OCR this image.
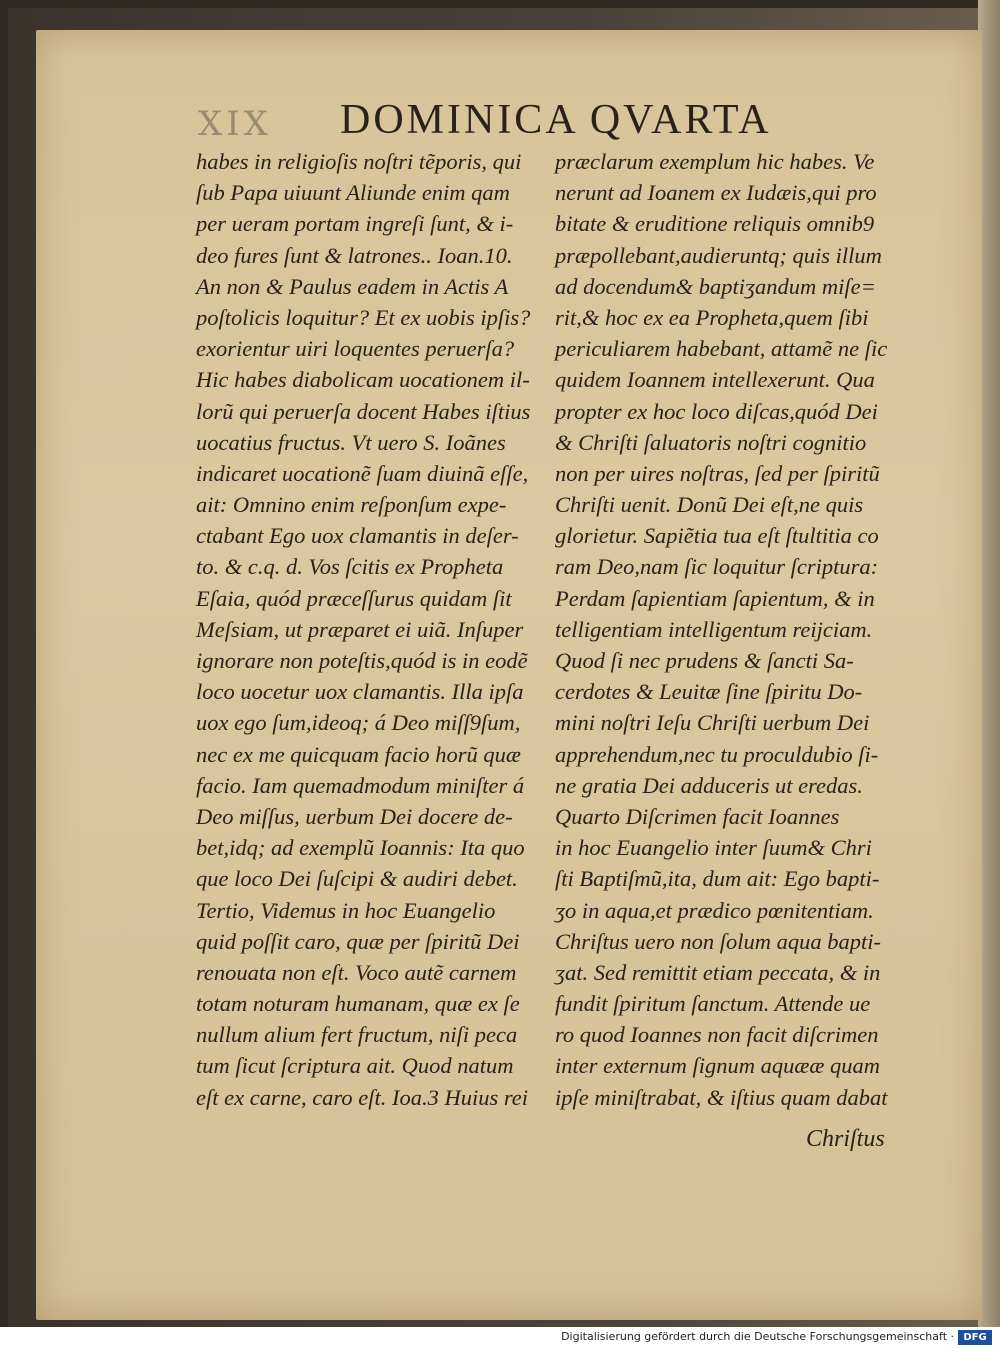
XIX DOMINICA QVARTA
habes in religioſis noſtri tẽporis, qui
ſub Papa uiuunt Aliunde enim qam
per ueram portam ingreſi ſunt, & i-
deo fures ſunt & latrones.. Ioan.10.
An non & Paulus eadem in Actis A
poſtolicis loquitur? Et ex uobis ipſis?
exorientur uiri loquentes peruerſa?
Hic habes diabolicam uocationem il-
lorũ qui peruerſa docent Habes iſtius
uocatius fructus. Vt uero S. Ioãnes
indicaret uocationẽ ſuam diuinã eſſe,
ait: Omnino enim reſponſum expe-
ctabant Ego uox clamantis in deſer-
to. & c.q. d. Vos ſcitis ex Propheta
Eſaia, quód præceſſurus quidam ſit
Meſsiam, ut præparet ei uiã. Inſuper
ignorare non poteſtis,quód is in eodẽ
loco uocetur uox clamantis. Illa ipſa
uox ego ſum,ideoq; á Deo miſſ9ſum,
nec ex me quicquam facio horũ quæ
facio. Iam quemadmodum miniſter á
Deo miſſus, uerbum Dei docere de-
bet,idq; ad exemplũ Ioannis: Ita quo
que loco Dei ſuſcipi & audiri debet.
Tertio, Videmus in hoc Euangelio
quid poſſit caro, quæ per ſpiritũ Dei
renouata non eſt. Voco autẽ carnem
totam noturam humanam, quæ ex ſe
nullum alium fert fructum, niſi peca
tum ſicut ſcriptura ait. Quod natum
eſt ex carne, caro eſt. Ioa.3 Huius rei
præclarum exemplum hic habes. Ve
nerunt ad Ioanem ex Iudæis,qui pro
bitate & eruditione reliquis omnib9
præpollebant,audieruntq; quis illum
ad docendum& baptiʒandum miſe=
rit,& hoc ex ea Propheta,quem ſibi
periculiarem habebant, attamẽ ne ſic
quidem Ioannem intellexerunt. Qua
propter ex hoc loco diſcas,quód Dei
& Chriſti ſaluatoris noſtri cognitio
non per uires noſtras, ſed per ſpiritũ
Chriſti uenit. Donũ Dei eſt,ne quis
glorietur. Sapiẽtia tua eſt ſtultitia co
ram Deo,nam ſic loquitur ſcriptura:
Perdam ſapientiam ſapientum, & in
telligentiam intelligentum reijciam.
Quod ſi nec prudens & ſancti Sa-
cerdotes & Leuitæ ſine ſpiritu Do-
mini noſtri Ieſu Chriſti uerbum Dei
apprehendum,nec tu proculdubio ſi-
ne gratia Dei adduceris ut eredas.
Quarto Diſcrimen facit Ioannes
in hoc Euangelio inter ſuum& Chri
ſti Baptiſmũ,ita, dum ait: Ego bapti-
ʒo in aqua,et prædico pœnitentiam.
Chriſtus uero non ſolum aqua bapti-
ʒat. Sed remittit etiam peccata, & in
fundit ſpiritum ſanctum. Attende ue
ro quod Ioannes non facit diſcrimen
inter externum ſignum aquææ quam
ipſe miniſtrabat, & iſtius quam dabat
Chriſtus
Digitalisierung gefördert durch die Deutsche Forschungsgemeinschaft · DFG
